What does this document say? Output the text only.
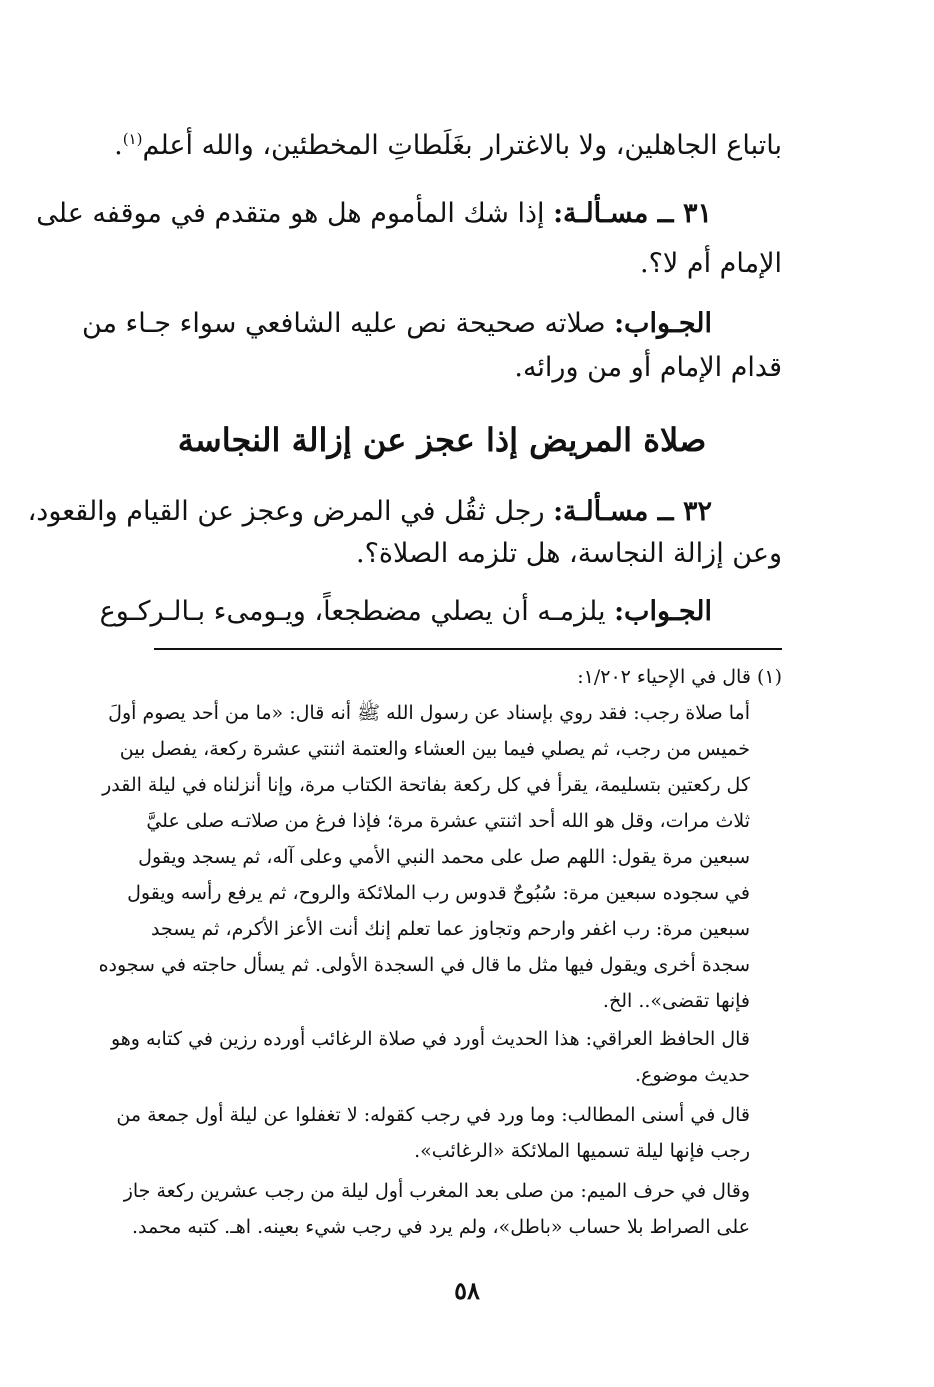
باتباع الجاهلين، ولا بالاغترار بغَلَطاتِ المخطئين، والله أعلم$^{(١)}$.
٣١ ــ مسـألـة: إذا شك المأموم هل هو متقدم في موقفه على
الإمام أم لا؟.
الجـواب: صلاته صحيحة نص عليه الشافعي سواء جـاء من
قدام الإمام أو من ورائه.
صلاة المريض إذا عجز عن إزالة النجاسة
٣٢ ــ مسـألـة: رجل ثقُل في المرض وعجز عن القيام والقعود،
وعن إزالة النجاسة، هل تلزمه الصلاة؟.
الجـواب: يلزمـه أن يصلي مضطجعاً، ويـومىء بـالـركـوع
(١) قال في الإحياء ١/٢٠٢:
أما صلاة رجب: فقد روي بإسناد عن رسول الله ﷺ أنه قال: «ما من أحد يصوم أولَ
خميس من رجب، ثم يصلي فيما بين العشاء والعتمة اثنتي عشرة ركعة، يفصل بين
كل ركعتين بتسليمة، يقرأ في كل ركعة بفاتحة الكتاب مرة، وإنا أنزلناه في ليلة القدر
ثلاث مرات، وقل هو الله أحد اثنتي عشرة مرة؛ فإذا فرغ من صلاتـه صلى عليَّ
سبعين مرة يقول: اللهم صل على محمد النبي الأمي وعلى آله، ثم يسجد ويقول
في سجوده سبعين مرة: سُبُوحٌ قدوس رب الملائكة والروح، ثم يرفع رأسه ويقول
سبعين مرة: رب اغفر وارحم وتجاوز عما تعلم إنك أنت الأعز الأكرم، ثم يسجد
سجدة أخرى ويقول فيها مثل ما قال في السجدة الأولى. ثم يسأل حاجته في سجوده
فإنها تقضى».. الخ.
قال الحافظ العراقي: هذا الحديث أورد في صلاة الرغائب أورده رزين في كتابه وهو
حديث موضوع.
قال في أسنى المطالب: وما ورد في رجب كقوله: لا تغفلوا عن ليلة أول جمعة من
رجب فإنها ليلة تسميها الملائكة «الرغائب».
وقال في حرف الميم: من صلى بعد المغرب أول ليلة من رجب عشرين ركعة جاز
على الصراط بلا حساب «باطل»، ولم يرد في رجب شيء بعينه. اهـ. كتبه محمد.
٥٨
